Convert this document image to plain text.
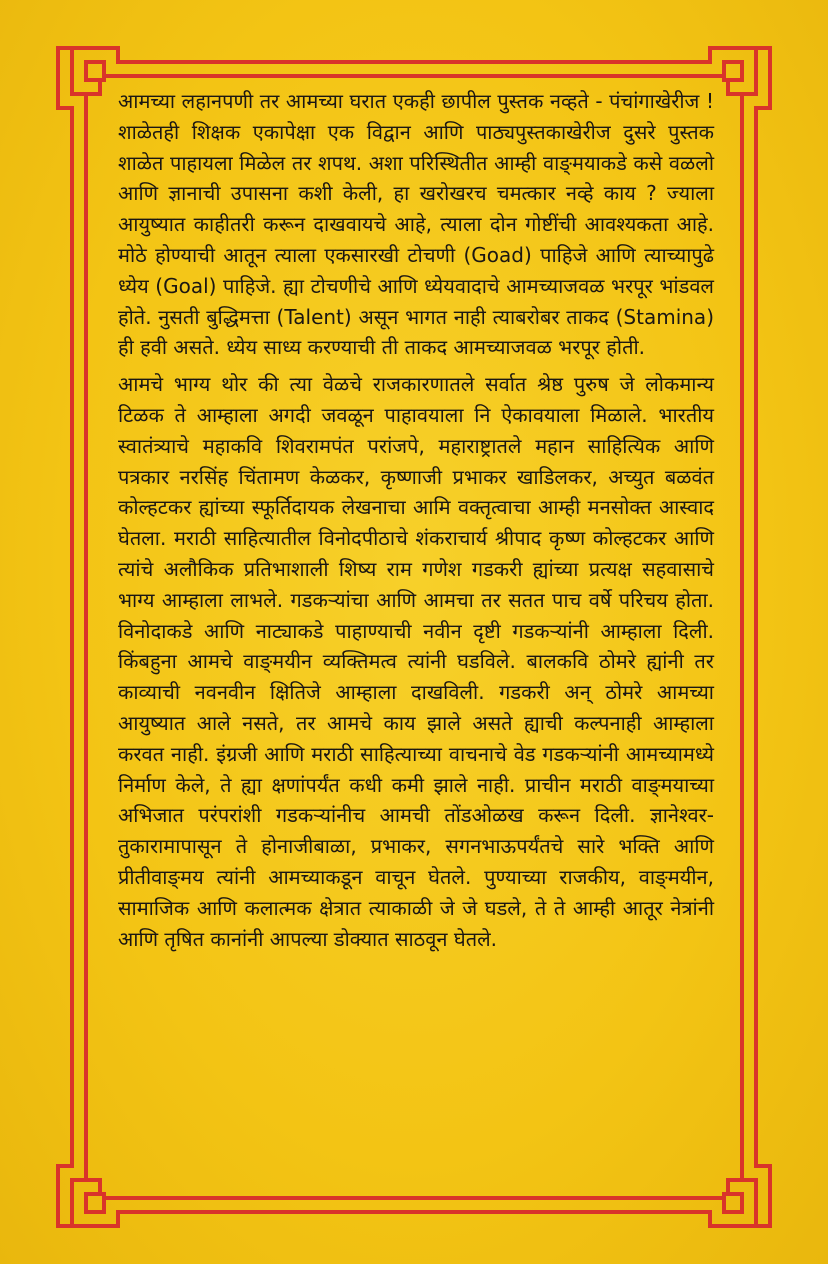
आमच्या लहानपणी तर आमच्या घरात एकही छापील पुस्तक नव्हते - पंचांगाखेरीज ! शाळेतही शिक्षक एकापेक्षा एक विद्वान आणि पाठ्यपुस्तकाखेरीज दुसरे पुस्तक शाळेत पाहायला मिळेल तर शपथ. अशा परिस्थितीत आम्ही वाङ्‌मयाकडे कसे वळलो आणि ज्ञानाची उपासना कशी केली, हा खरोखरच चमत्कार नव्हे काय ? ज्याला आयुष्यात काहीतरी करून दाखवायचे आहे, त्याला दोन गोष्टींची आवश्यकता आहे. मोठे होण्याची आतून त्याला एकसारखी टोचणी (Goad) पाहिजे आणि त्याच्यापुढे ध्येय (Goal) पाहिजे. ह्या टोचणीचे आणि ध्येयवादाचे आमच्याजवळ भरपूर भांडवल होते. नुसती बुद्धिमत्ता (Talent) असून भागत नाही त्याबरोबर ताकद (Stamina) ही हवी असते. ध्येय साध्य करण्याची ती ताकद आमच्याजवळ भरपूर होती.

आमचे भाग्य थोर की त्या वेळचे राजकारणातले सर्वात श्रेष्ठ पुरुष जे लोकमान्य टिळक ते आम्हाला अगदी जवळून पाहावयाला नि ऐकावयाला मिळाले. भारतीय स्वातंत्र्याचे महाकवि शिवरामपंत परांजपे, महाराष्ट्रातले महान साहित्यिक आणि पत्रकार नरसिंह चिंतामण केळकर, कृष्णाजी प्रभाकर खाडिलकर, अच्युत बळवंत कोल्हटकर ह्यांच्या स्फूर्तिदायक लेखनाचा आमि वक्तृत्वाचा आम्ही मनसोक्त आस्वाद घेतला. मराठी साहित्यातील विनोदपीठाचे शंकराचार्य श्रीपाद कृष्ण कोल्हटकर आणि त्यांचे अलौकिक प्रतिभाशाली शिष्य राम गणेश गडकरी ह्यांच्या प्रत्यक्ष सहवासाचे भाग्य आम्हाला लाभले. गडकऱ्यांचा आणि आमचा तर सतत पाच वर्षे परिचय होता. विनोदाकडे आणि नाट्याकडे पाहाण्याची नवीन दृष्टी गडकऱ्यांनी आम्हाला दिली. किंबहुना आमचे वाङ्‌मयीन व्यक्तिमत्व त्यांनी घडविले. बालकवि ठोमरे ह्यांनी तर काव्याची नवनवीन क्षितिजे आम्हाला दाखविली. गडकरी अन् ठोमरे आमच्या आयुष्यात आले नसते, तर आमचे काय झाले असते ह्याची कल्पनाही आम्हाला करवत नाही. इंग्रजी आणि मराठी साहित्याच्या वाचनाचे वेड गडकऱ्यांनी आमच्यामध्ये निर्माण केले, ते ह्या क्षणांपर्यंत कधी कमी झाले नाही. प्राचीन मराठी वाङ्‌मयाच्या अभिजात परंपरांशी गडकऱ्यांनीच आमची तोंडओळख करून दिली. ज्ञानेश्वर-तुकारामापासून ते होनाजीबाळा, प्रभाकर, सगनभाऊपर्यंतचे सारे भक्ति आणि प्रीतीवाङ्‌मय त्यांनी आमच्याकडून वाचून घेतले. पुण्याच्या राजकीय, वाङ्‌मयीन, सामाजिक आणि कलात्मक क्षेत्रात त्याकाळी जे जे घडले, ते ते आम्ही आतूर नेत्रांनी आणि तृषित कानांनी आपल्या डोक्यात साठवून घेतले.
